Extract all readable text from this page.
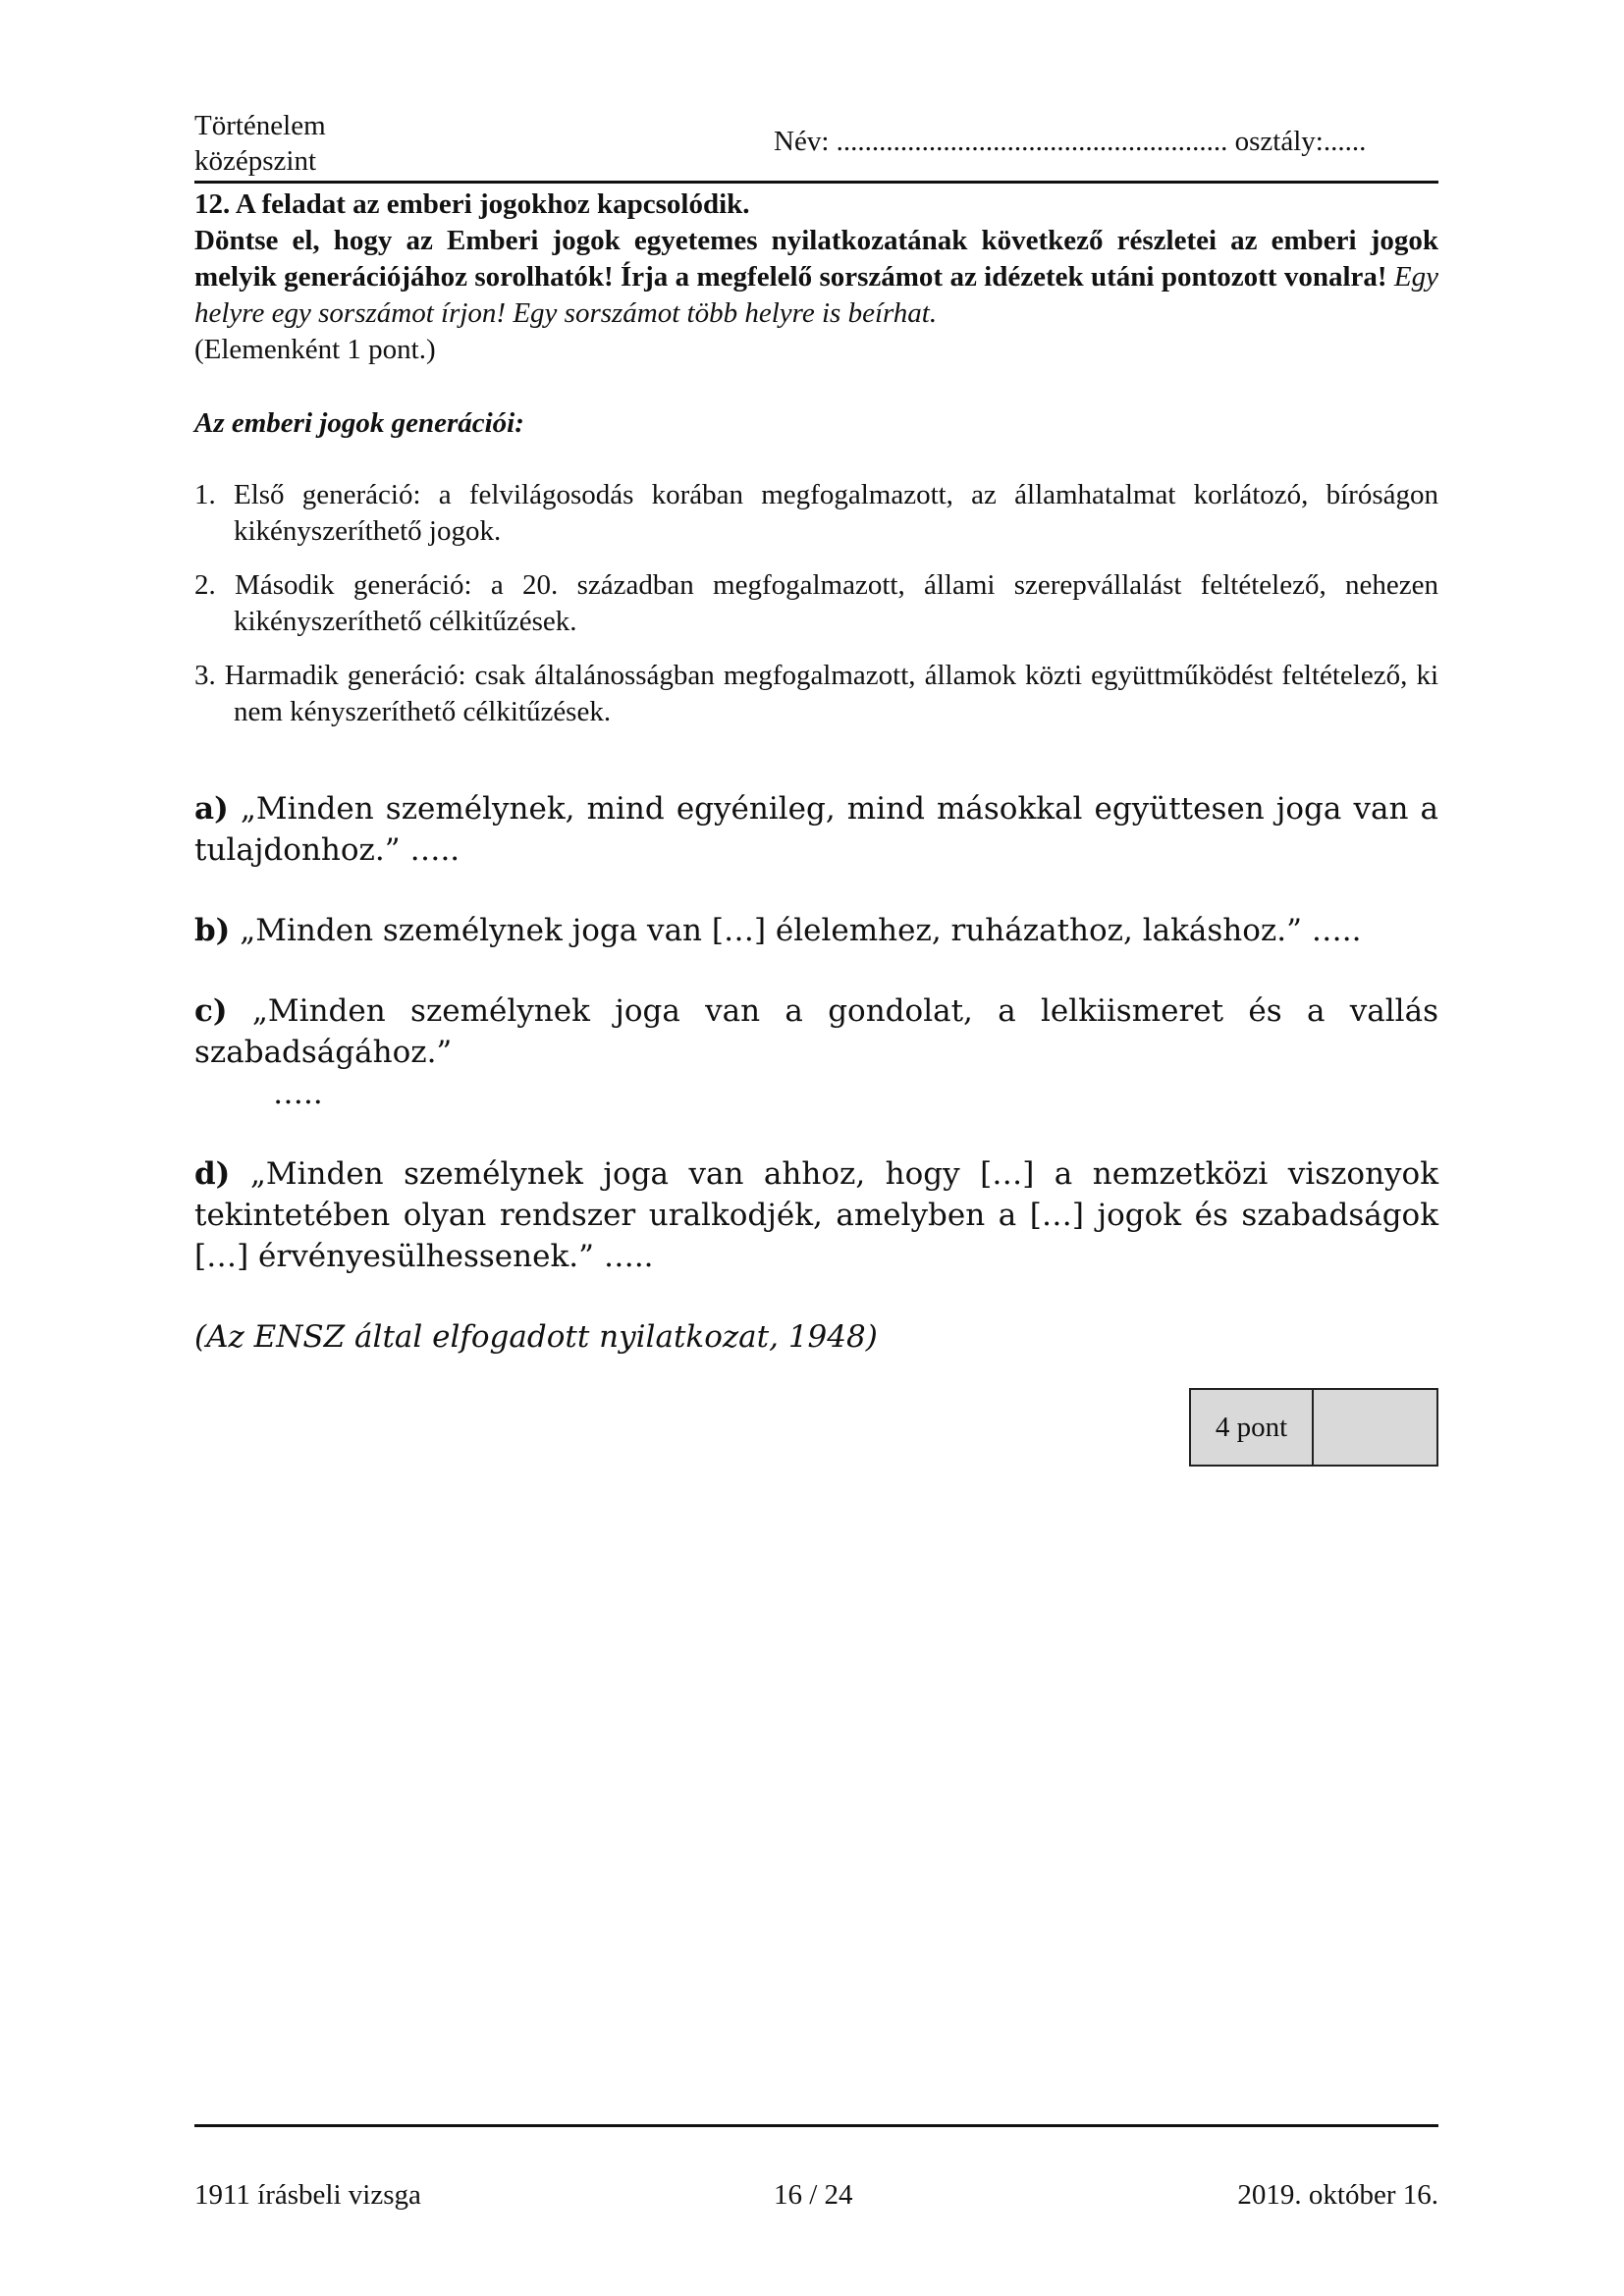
Történelem
középszint
Név: ....................................................... osztály:......

12. A feladat az emberi jogokhoz kapcsolódik.

Döntse el, hogy az Emberi jogok egyetemes nyilatkozatának következő részletei az emberi jogok melyik generációjához sorolhatók! Írja a megfelelő sorszámot az idézetek utáni pontozott vonalra! Egy helyre egy sorszámot írjon! Egy sorszámot több helyre is beírhat.

(Elemenként 1 pont.)

Az emberi jogok generációi:

1. Első generáció: a felvilágosodás korában megfogalmazott, az államhatalmat korlátozó, bíróságon kikényszeríthető jogok.
2. Második generáció: a 20. században megfogalmazott, állami szerepvállalást feltételező, nehezen kikényszeríthető célkitűzések.
3. Harmadik generáció: csak általánosságban megfogalmazott, államok közti együttműködést feltételező, ki nem kényszeríthető célkitűzések.
a) „Minden személynek, mind egyénileg, mind másokkal együttesen joga van a tulajdonhoz.” …..
b) „Minden személynek joga van […] élelemhez, ruházathoz, lakáshoz.” …..
c) „Minden személynek joga van a gondolat, a lelkiismeret és a vallás szabadságához.”
…..
d) „Minden személynek joga van ahhoz, hogy […] a nemzetközi viszonyok tekintetében olyan rendszer uralkodjék, amelyben a […] jogok és szabadságok […] érvényesülhessenek.” …..
(Az ENSZ által elfogadott nyilatkozat, 1948)
4 pont
1911 írásbeli vizsga	16 / 24	2019. október 16.
